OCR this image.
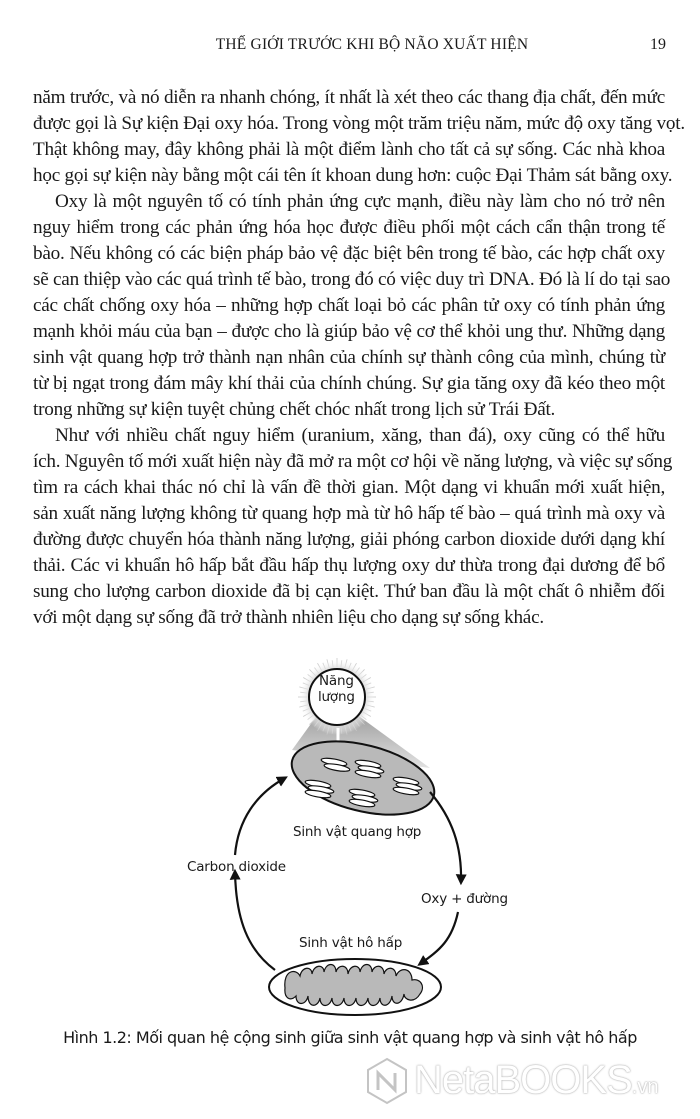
THẾ GIỚI TRƯỚC KHI BỘ NÃO XUẤT HIỆN	19

năm trước, và nó diễn ra nhanh chóng, ít nhất là xét theo các thang địa chất, đến mức
được gọi là Sự kiện Đại oxy hóa. Trong vòng một trăm triệu năm, mức độ oxy tăng vọt.
Thật không may, đây không phải là một điểm lành cho tất cả sự sống. Các nhà khoa
học gọi sự kiện này bằng một cái tên ít khoan dung hơn: cuộc Đại Thảm sát bằng oxy.

Oxy là một nguyên tố có tính phản ứng cực mạnh, điều này làm cho nó trở nên
nguy hiểm trong các phản ứng hóa học được điều phối một cách cẩn thận trong tế
bào. Nếu không có các biện pháp bảo vệ đặc biệt bên trong tế bào, các hợp chất oxy
sẽ can thiệp vào các quá trình tế bào, trong đó có việc duy trì DNA. Đó là lí do tại sao
các chất chống oxy hóa – những hợp chất loại bỏ các phân tử oxy có tính phản ứng
mạnh khỏi máu của bạn – được cho là giúp bảo vệ cơ thể khỏi ung thư. Những dạng
sinh vật quang hợp trở thành nạn nhân của chính sự thành công của mình, chúng từ
từ bị ngạt trong đám mây khí thải của chính chúng. Sự gia tăng oxy đã kéo theo một
trong những sự kiện tuyệt chủng chết chóc nhất trong lịch sử Trái Đất.

Như với nhiều chất nguy hiểm (uranium, xăng, than đá), oxy cũng có thể hữu
ích. Nguyên tố mới xuất hiện này đã mở ra một cơ hội về năng lượng, và việc sự sống
tìm ra cách khai thác nó chỉ là vấn đề thời gian. Một dạng vi khuẩn mới xuất hiện,
sản xuất năng lượng không từ quang hợp mà từ hô hấp tế bào – quá trình mà oxy và
đường được chuyển hóa thành năng lượng, giải phóng carbon dioxide dưới dạng khí
thải. Các vi khuẩn hô hấp bắt đầu hấp thụ lượng oxy dư thừa trong đại dương để bổ
sung cho lượng carbon dioxide đã bị cạn kiệt. Thứ ban đầu là một chất ô nhiễm đối
với một dạng sự sống đã trở thành nhiên liệu cho dạng sự sống khác.

Năng
lượng
Sinh vật quang hợp
Carbon dioxide
Oxy + đường
Sinh vật hô hấp
Hình 1.2: Mối quan hệ cộng sinh giữa sinh vật quang hợp và sinh vật hô hấp
NetaBOOKS.vn
